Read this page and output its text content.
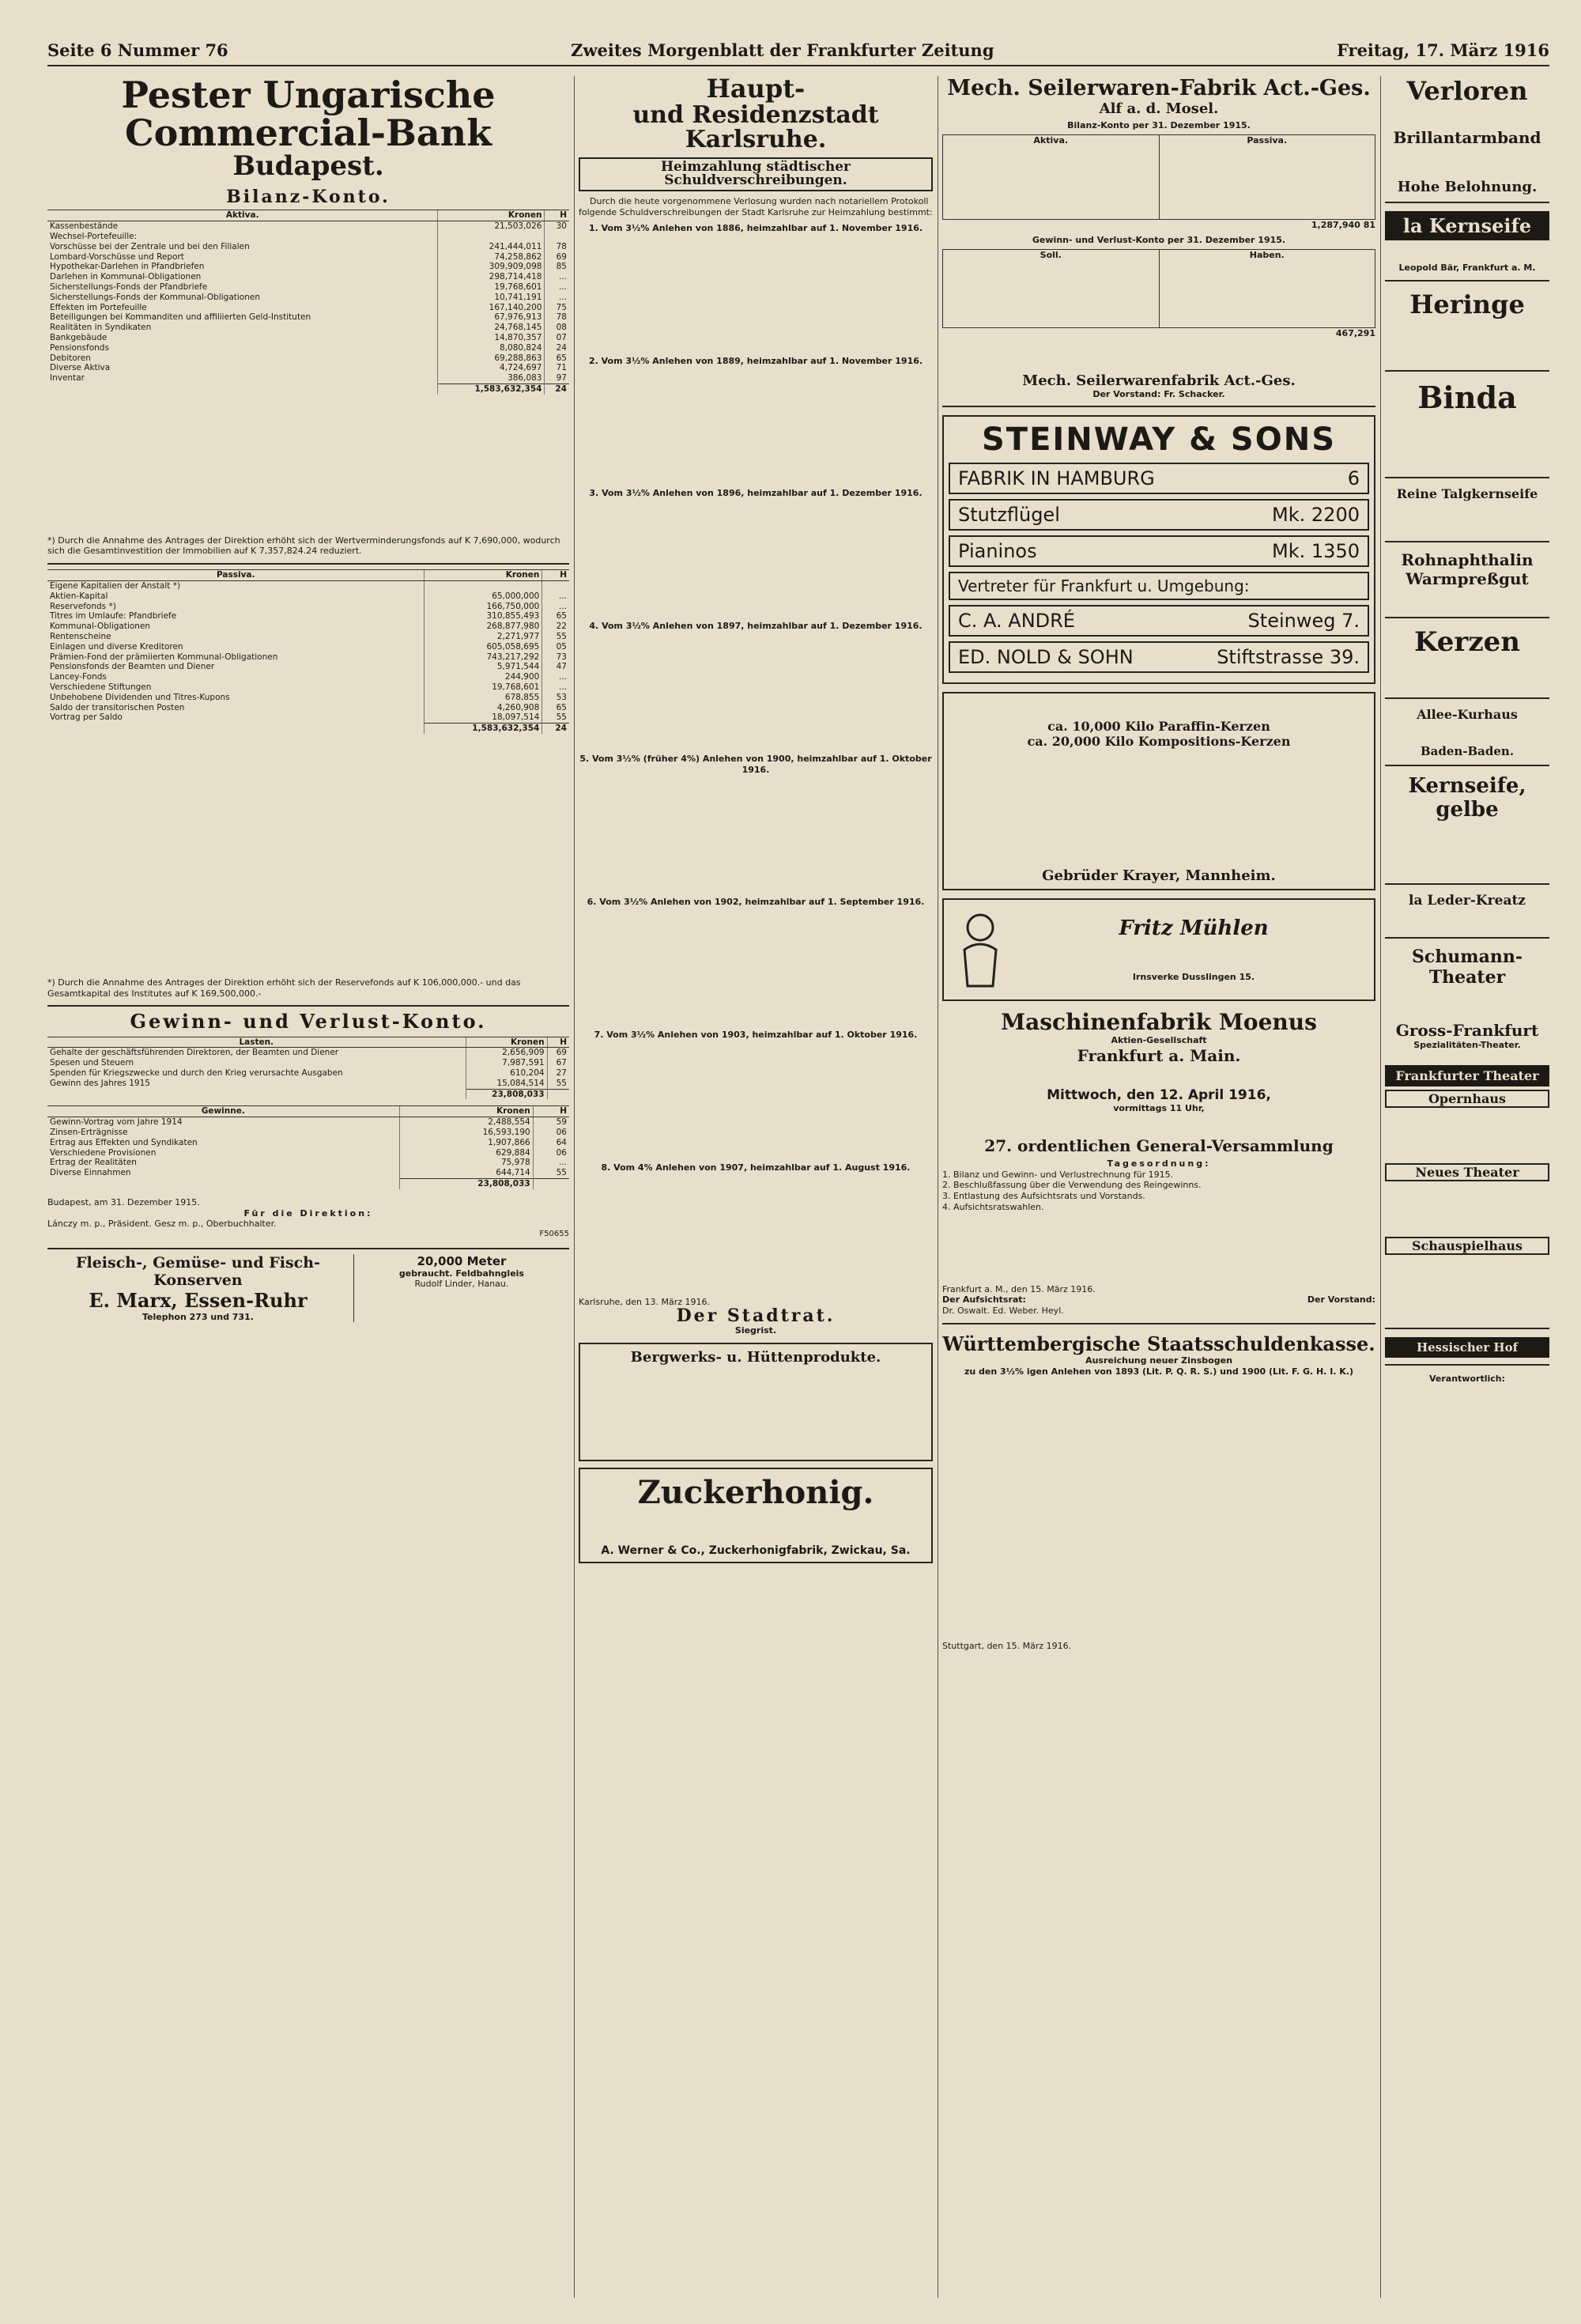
Seite 6 Nummer 76	Zweites Morgenblatt der Frankfurter Zeitung	Freitag, 17. März 1916
Pester Ungarische Commercial-Bank
Budapest.
Bilanz-Konto.
Aktiva.	Kronen	H
Kassenbestände	21,503,026	30
Wechsel-Portefeuille:		
Vorschüsse bei der Zentrale und bei den Filialen	241,444,011	78
Lombard-Vorschüsse und Report	74,258,862	69
Hypothekar-Darlehen in Pfandbriefen	309,909,098	85
Darlehen in Kommunal-Obligationen	298,714,418	...
Sicherstellungs-Fonds der Pfandbriefe	19,768,601	...
Sicherstellungs-Fonds der Kommunal-Obligationen	10,741,191	...
Effekten im Portefeuille	167,140,200	75
Beteiligungen bei Kommanditen und affiliierten Geld-Instituten	67,976,913	78
Realitäten in Syndikaten	24,768,145	08
Bankgebäude	14,870,357	07
Pensionsfonds	8,080,824	24
Debitoren	69,288,863	65
Diverse Aktiva	4,724,697	71
Inventar	386,083	97
	1,583,632,354	24
*) Durch die Annahme des Antrages der Direktion erhöht sich der Wertverminderungsfonds auf K 7,690,000, wodurch sich die Gesamtinvestition der Immobilien auf K 7,357,824.24 reduziert.
Passiva.	Kronen	H
Eigene Kapitalien der Anstalt *)		
Aktien-Kapital	65,000,000	...
Reservefonds *)	166,750,000	...
Titres im Umlaufe: Pfandbriefe	310,855,493	65
Kommunal-Obligationen	268,877,980	22
Rentenscheine	2,271,977	55
Einlagen und diverse Kreditoren	605,058,695	05
Prämien-Fond der prämiierten Kommunal-Obligationen	743,217,292	73
Pensionsfonds der Beamten und Diener	5,971,544	47
Lancey-Fonds	244,900	...
Verschiedene Stiftungen	19,768,601	...
Unbehobene Dividenden und Titres-Kupons	678,855	53
Saldo der transitorischen Posten	4,260,908	65
Vortrag per Saldo	18,097,514	55
	1,583,632,354	24
*) Durch die Annahme des Antrages der Direktion erhöht sich der Reservefonds auf K 106,000,000.- und das Gesamtkapital des Institutes auf K 169,500,000.-
Gewinn- und Verlust-Konto.
Lasten.	Kronen	H
Gehalte der geschäftsführenden Direktoren, der Beamten und Diener	2,656,909	69
Spesen und Steuern	7,987,591	67
Spenden für Kriegszwecke und durch den Krieg verursachte Ausgaben	610,204	27
Gewinn des Jahres 1915	15,084,514	55
	23,808,033	
Gewinne.	Kronen	H
Gewinn-Vortrag vom Jahre 1914	2,488,554	59
Zinsen-Erträgnisse	16,593,190	06
Ertrag aus Effekten und Syndikaten	1,907,866	64
Verschiedene Provisionen	629,884	06
Ertrag der Realitäten	75,978	...
Diverse Einnahmen	644,714	55
	23,808,033	
Budapest, am 31. Dezember 1915.
Für die Direktion:
Lánczy m. p., Präsident. Gesz m. p., Oberbuchhalter.
F50655
Fleisch-, Gemüse- und Fisch-Konserven
E. Marx, Essen-Ruhr
Telephon 273 und 731.
20,000 Meter
gebraucht. Feldbahngleis
Rudolf Linder, Hanau.
Haupt-
und Residenzstadt Karlsruhe.
Heimzahlung städtischer Schuldverschreibungen.
Durch die heute vorgenommene Verlosung wurden nach notariellem Protokoll folgende Schuldverschreibungen der Stadt Karlsruhe zur Heimzahlung bestimmt:
1. Vom 3½% Anlehen von 1886, heimzahlbar auf 1. November 1916.
2. Vom 3½% Anlehen von 1889, heimzahlbar auf 1. November 1916.
3. Vom 3½% Anlehen von 1896, heimzahlbar auf 1. Dezember 1916.
4. Vom 3½% Anlehen von 1897, heimzahlbar auf 1. Dezember 1916.
5. Vom 3½% (früher 4%) Anlehen von 1900, heimzahlbar auf 1. Oktober 1916.
6. Vom 3½% Anlehen von 1902, heimzahlbar auf 1. September 1916.
7. Vom 3½% Anlehen von 1903, heimzahlbar auf 1. Oktober 1916.
8. Vom 4% Anlehen von 1907, heimzahlbar auf 1. August 1916.
Karlsruhe, den 13. März 1916.
Der Stadtrat.
Siegrist.
Bergwerks- u. Hüttenprodukte.
Zuckerhonig.
A. Werner & Co., Zuckerhonigfabrik, Zwickau, Sa.
Mech. Seilerwaren-Fabrik Act.-Ges.
Alf a. d. Mosel.
Bilanz-Konto per 31. Dezember 1915.
Aktiva.	Passiva.
1,287,940 81
Gewinn- und Verlust-Konto per 31. Dezember 1915.
Soll.	Haben.
467,291
Mech. Seilerwarenfabrik Act.-Ges.
Der Vorstand: Fr. Schacker.
STEINWAY & SONS
FABRIK IN HAMBURG	6
Stutzflügel	Mk. 2200
Pianinos	Mk. 1350
Vertreter für Frankfurt u. Umgebung:
C. A. ANDRÉ	Steinweg 7.
ED. NOLD & SOHN	Stiftstrasse 39.
ca. 10,000 Kilo Paraffin-Kerzen
ca. 20,000 Kilo Kompositions-Kerzen
Gebrüder Krayer, Mannheim.
Fritz Mühlen
Irnsverke Dusslingen 15.
Maschinenfabrik Moenus
Aktien-Gesellschaft
Frankfurt a. Main.
Mittwoch, den 12. April 1916,
vormittags 11 Uhr,
27. ordentlichen General-Versammlung
Tagesordnung:
1. Bilanz und Gewinn- und Verlustrechnung für 1915.
2. Beschlußfassung über die Verwendung des Reingewinns.
3. Entlastung des Aufsichtsrats und Vorstands.
4. Aufsichtsratswahlen.
Frankfurt a. M., den 15. März 1916.
Der Aufsichtsrat:	Der Vorstand:
Dr. Oswalt. Ed. Weber. Heyl.
Württembergische Staatsschuldenkasse.
Ausreichung neuer Zinsbogen
zu den 3½% igen Anlehen von 1893 (Lit. P. Q. R. S.) und 1900 (Lit. F. G. H. I. K.)
Stuttgart, den 15. März 1916.
Verloren
Brillantarmband
Hohe Belohnung.
la Kernseife
Leopold Bär, Frankfurt a. M.
Heringe
Binda
Reine Talgkernseife
Rohnaphthalin Warmpreßgut
Kerzen
Allee-Kurhaus
Baden-Baden.
Kernseife, gelbe
la Leder-Kreatz
Schumann-Theater
Gross-Frankfurt
Spezialitäten-Theater.
Frankfurter Theater
Opernhaus
Neues Theater
Schauspielhaus
Hessischer Hof
Verantwortlich:
